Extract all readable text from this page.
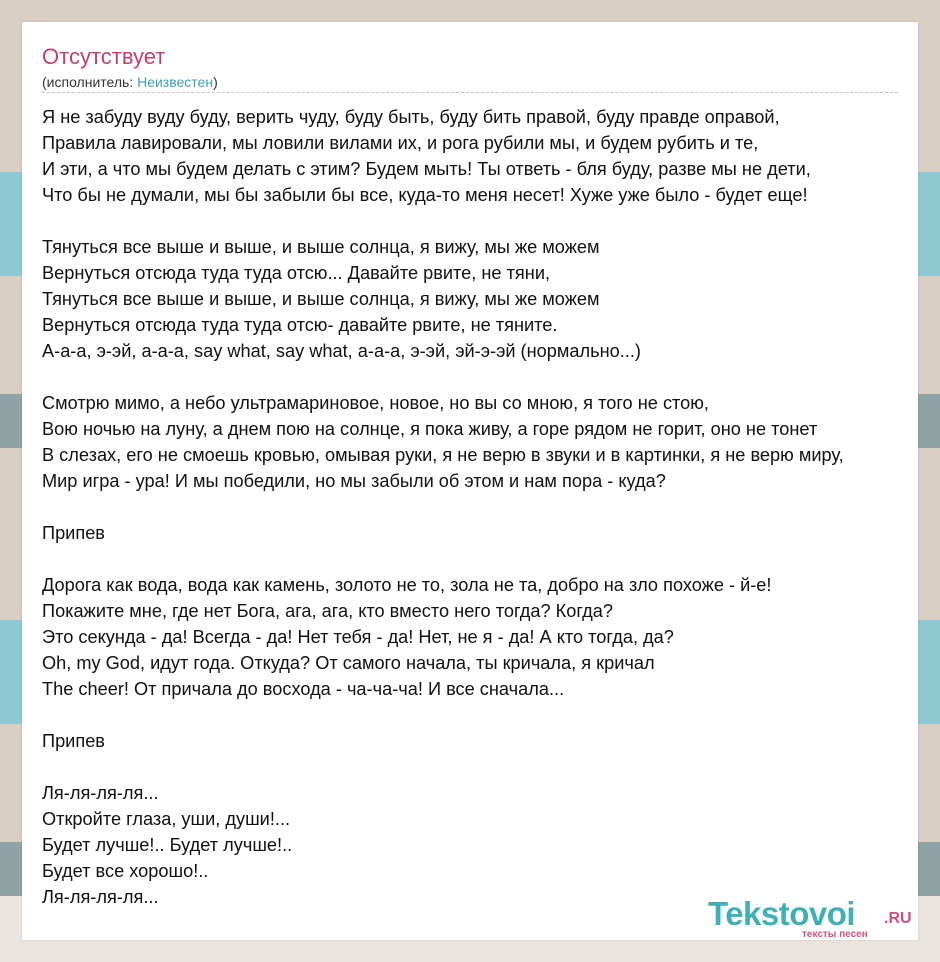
Отсутствует
(исполнитель: Неизвестен)
Я не забуду вуду буду, верить чуду, буду быть, буду бить правой, буду правде оправой,
Правила лавировали, мы ловили вилами их, и рога рубили мы, и будем рубить и те,
И эти, а что мы будем делать с этим? Будем мыть! Ты ответь - бля буду, разве мы не дети,
Что бы не думали, мы бы забыли бы все, куда-то меня несет! Хуже уже было - будет еще!
Тянуться все выше и выше, и выше солнца, я вижу, мы же можем
Вернуться отсюда туда туда отсю... Давайте рвите, не тяни,
Тянуться все выше и выше, и выше солнца, я вижу, мы же можем
Вернуться отсюда туда туда отсю- давайте рвите, не тяните.
А-а-а, э-эй, а-а-а, say what, say what, а-а-а, э-эй, эй-э-эй (нормально...)
Смотрю мимо, а небо ультрамариновое, новое, но вы со мною, я того не стою,
Вою ночью на луну, а днем пою на солнце, я пока живу, а горе рядом не горит, оно не тонет
В слезах, его не смоешь кровью, омывая руки, я не верю в звуки и в картинки, я не верю миру,
Мир игра - ура! И мы победили, но мы забыли об этом и нам пора - куда?
Припев
Дорога как вода, вода как камень, золото не то, зола не та, добро на зло похоже - й-е!
Покажите мне, где нет Бога, ага, ага, кто вместо него тогда? Когда?
Это секунда - да! Всегда - да! Нет тебя - да! Нет, не я - да! А кто тогда, да?
Oh, my God, идут года. Откуда? От самого начала, ты кричала, я кричал
The cheer! От причала до восхода - ча-ча-ча! И все сначала...
Припев
Ля-ля-ля-ля...
Откройте глаза, уши, души!...
Будет лучше!.. Будет лучше!..
Будет все хорошо!..
Ля-ля-ля-ля...	Tekstovoi .RU
тексты песен
